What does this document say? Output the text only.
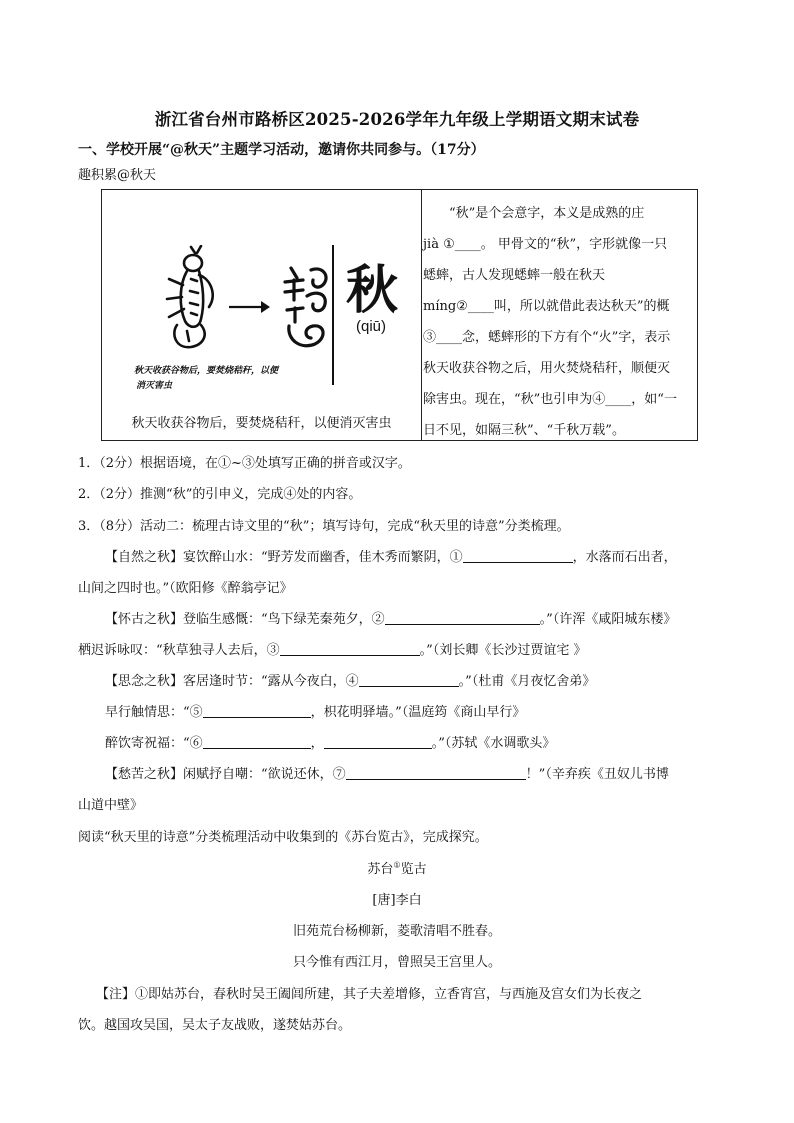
浙江省台州市路桥区2025-2026学年九年级上学期语文期末试卷
一、学校开展“@秋天”主题学习活动，邀请你共同参与。（17分）
趣积累@秋天
秋
(qiū)
秋天收获谷物后，要焚烧秸秆，以便
消灭害虫
秋天收获谷物后，要焚烧秸秆，以便消灭害虫
“秋”是个会意字，本义是成熟的庄
jià ①____。 甲骨文的“秋”，字形就像一只
蟋蟀，古人发现蟋蟀一般在秋天
míng②____叫，所以就借此表达秋天”的概
③____念，蟋蟀形的下方有个“火”字，表示
秋天收获谷物之后，用火焚烧秸秆，顺便灭
除害虫。现在，“秋”也引申为④____，如“一
日不见，如隔三秋”、“千秋万载”。
1．（2分）根据语境，在①~③处填写正确的拼音或汉字。
2．（2分）推测“秋”的引申义，完成④处的内容。
3．（8分）活动二：梳理古诗文里的“秋”；填写诗句，完成“秋天里的诗意”分类梳理。
【自然之秋】宴饮醉山水：“野芳发而幽香，佳木秀而繁阴，①	，水落而石出者，
山间之四时也。”（欧阳修《醉翁亭记》
【怀古之秋】登临生感慨：“鸟下绿芜秦苑夕，②	。”（许浑《咸阳城东楼》
栖迟诉咏叹：“秋草独寻人去后，③	。”（刘长卿《长沙过贾谊宅 》
【思念之秋】客居逢时节：“露从今夜白，④	。”（杜甫《月夜忆舍弟》
早行触情思：“⑤	，枳花明驿墙。”（温庭筠《商山早行》
醉饮寄祝福：“⑥	，	。”（苏轼《水调歌头》
【愁苦之秋】闲赋抒自嘲：“欲说还休，⑦	！”（辛弃疾《丑奴儿书博
山道中壁》
阅读“秋天里的诗意”分类梳理活动中收集到的《苏台览古》，完成探究。
苏台①览古
[唐]李白
旧苑荒台杨柳新，菱歌清唱不胜春。
只今惟有西江月，曾照吴王宫里人。
【注】①即姑苏台，春秋时吴王阖闾所建，其子夫差增修，立香宵宫，与西施及宫女们为长夜之
饮。越国攻吴国，吴太子友战败，遂焚姑苏台。
